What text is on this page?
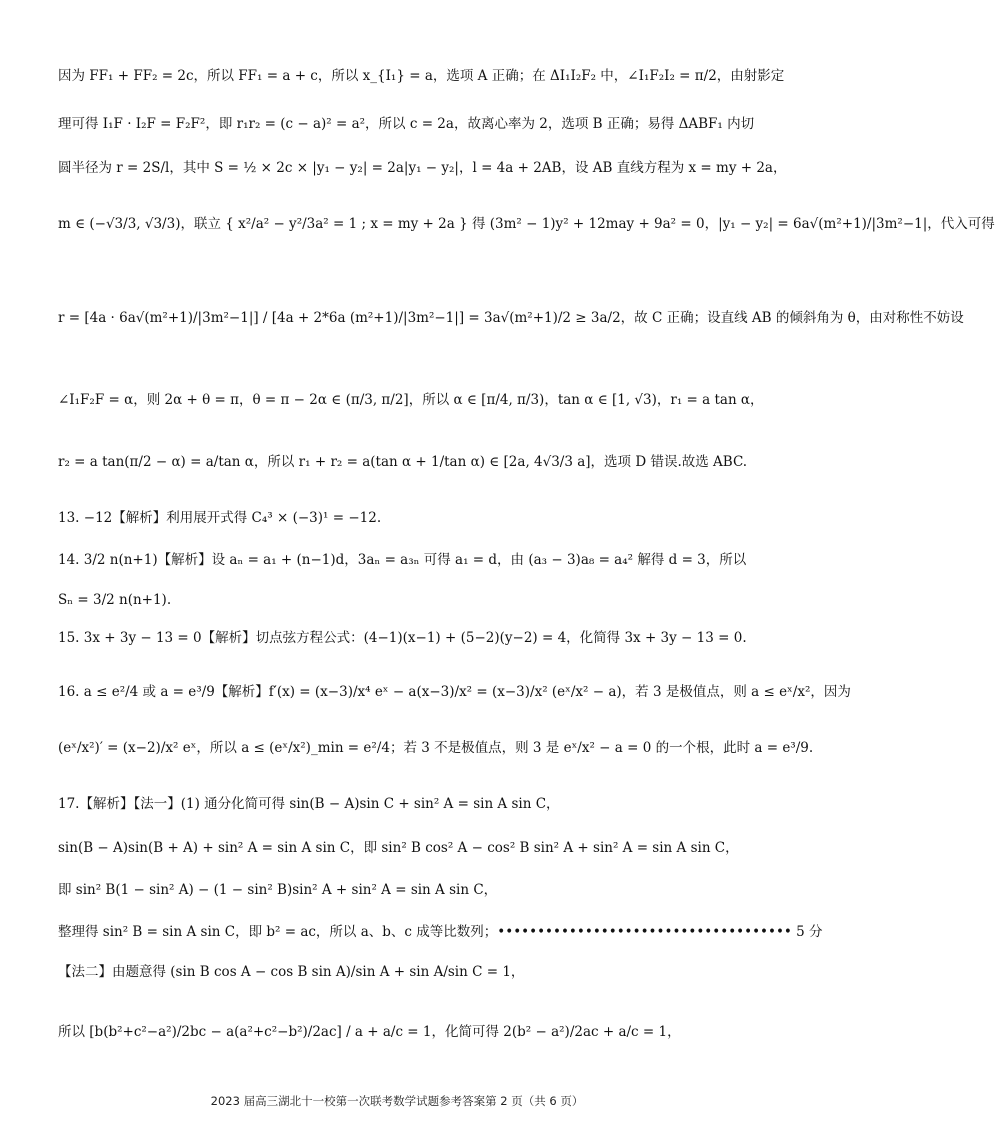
因为 FF₁ + FF₂ = 2c，所以 FF₁ = a + c，所以 x_{I₁} = a，选项 A 正确；在 ΔI₁I₂F₂ 中，∠I₁F₂I₂ = π/2，由射影定
理可得 I₁F · I₂F = F₂F²，即 r₁r₂ = (c − a)² = a²，所以 c = 2a，故离心率为 2，选项 B 正确；易得 ΔABF₁ 内切
圆半径为 r = 2S/l，其中 S = ½ × 2c × |y₁ − y₂| = 2a|y₁ − y₂|，l = 4a + 2AB，设 AB 直线方程为 x = my + 2a，
m ∈ (−√3/3, √3/3)，联立 { x²/a² − y²/3a² = 1 ; x = my + 2a } 得 (3m² − 1)y² + 12may + 9a² = 0，|y₁ − y₂| = 6a√(m²+1)/|3m²−1|，代入可得
r = [4a · 6a√(m²+1)/|3m²−1|] / [4a + 2*6a (m²+1)/|3m²−1|] = 3a√(m²+1)/2 ≥ 3a/2，故 C 正确；设直线 AB 的倾斜角为 θ，由对称性不妨设
∠I₁F₂F = α，则 2α + θ = π，θ = π − 2α ∈ (π/3, π/2]，所以 α ∈ [π/4, π/3)，tan α ∈ [1, √3)，r₁ = a tan α，
r₂ = a tan(π/2 − α) = a/tan α，所以 r₁ + r₂ = a(tan α + 1/tan α) ∈ [2a, 4√3/3 a]，选项 D 错误.故选 ABC.
13. −12【解析】利用展开式得 C₄³ × (−3)¹ = −12.
14. 3/2 n(n+1)【解析】设 aₙ = a₁ + (n−1)d，3aₙ = a₃ₙ 可得 a₁ = d，由 (a₃ − 3)a₈ = a₄² 解得 d = 3，所以
Sₙ = 3/2 n(n+1).
15. 3x + 3y − 13 = 0【解析】切点弦方程公式：(4−1)(x−1) + (5−2)(y−2) = 4，化简得 3x + 3y − 13 = 0.
16. a ≤ e²/4 或 a = e³/9【解析】f′(x) = (x−3)/x⁴ eˣ − a(x−3)/x² = (x−3)/x² (eˣ/x² − a)，若 3 是极值点，则 a ≤ eˣ/x²，因为
(eˣ/x²)′ = (x−2)/x² eˣ，所以 a ≤ (eˣ/x²)_min = e²/4；若 3 不是极值点，则 3 是 eˣ/x² − a = 0 的一个根，此时 a = e³/9.
17.【解析】【法一】(1) 通分化简可得 sin(B − A)sin C + sin² A = sin A sin C，
sin(B − A)sin(B + A) + sin² A = sin A sin C，即 sin² B cos² A − cos² B sin² A + sin² A = sin A sin C，
即 sin² B(1 − sin² A) − (1 − sin² B)sin² A + sin² A = sin A sin C，
整理得 sin² B = sin A sin C，即 b² = ac，所以 a、b、c 成等比数列；••••••••••••••••••••••••••••••••••••• 5 分
【法二】由题意得 (sin B cos A − cos B sin A)/sin A + sin A/sin C = 1，
所以 [b(b²+c²−a²)/2bc − a(a²+c²−b²)/2ac] / a + a/c = 1，化简可得 2(b² − a²)/2ac + a/c = 1，
2023 届高三湖北十一校第一次联考数学试题参考答案第 2 页（共 6 页）
